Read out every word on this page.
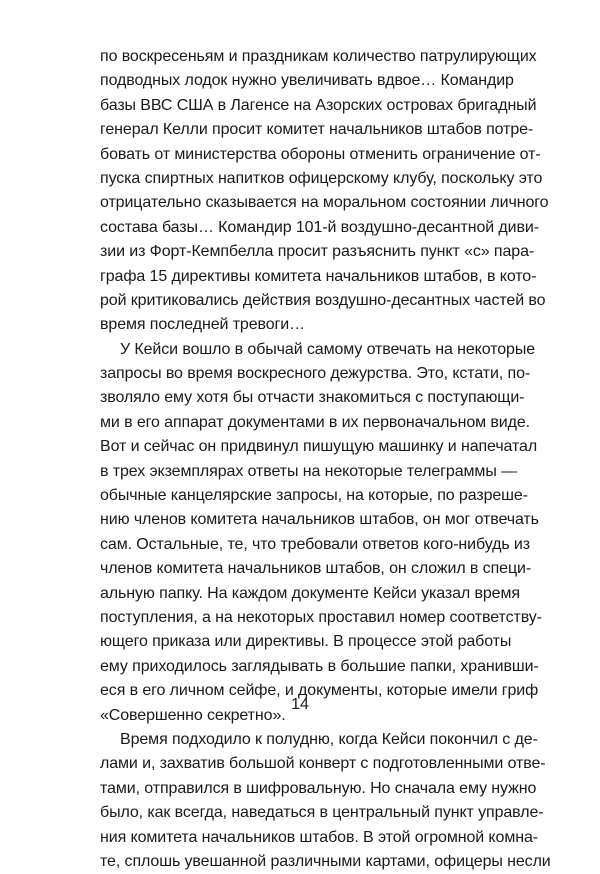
по воскресеньям и праздникам количество патрулирующих
подводных лодок нужно увеличивать вдвое… Командир
базы ВВС США в Лагенсе на Азорских островах бригадный
генерал Келли просит комитет начальников штабов потре-
бовать от министерства обороны отменить ограничение от-
пуска спиртных напитков офицерскому клубу, поскольку это
отрицательно сказывается на моральном состоянии личного
состава базы… Командир 101-й воздушно-десантной диви-
зии из Форт-Кемпбелла просит разъяснить пункт «с» пара-
графа 15 директивы комитета начальников штабов, в кото-
рой критиковались действия воздушно-десантных частей во
время последней тревоги…
У Кейси вошло в обычай самому отвечать на некоторые
запросы во время воскресного дежурства. Это, кстати, по-
зволяло ему хотя бы отчасти знакомиться с поступающи-
ми в его аппарат документами в их первоначальном виде.
Вот и сейчас он придвинул пишущую машинку и напечатал
в трех экземплярах ответы на некоторые телеграммы —
обычные канцелярские запросы, на которые, по разреше-
нию членов комитета начальников штабов, он мог отвечать
сам. Остальные, те, что требовали ответов кого-нибудь из
членов комитета начальников штабов, он сложил в специ-
альную папку. На каждом документе Кейси указал время
поступления, а на некоторых проставил номер соответству-
ющего приказа или директивы. В процессе этой работы
ему приходилось заглядывать в большие папки, хранивши-
еся в его личном сейфе, и документы, которые имели гриф
«Совершенно секретно».
Время подходило к полудню, когда Кейси покончил с де-
лами и, захватив большой конверт с подготовленными отве-
тами, отправился в шифровальную. Но сначала ему нужно
было, как всегда, наведаться в центральный пункт управле-
ния комитета начальников штабов. В этой огромной комна-
те, сплошь увешанной различными картами, офицеры несли
14
